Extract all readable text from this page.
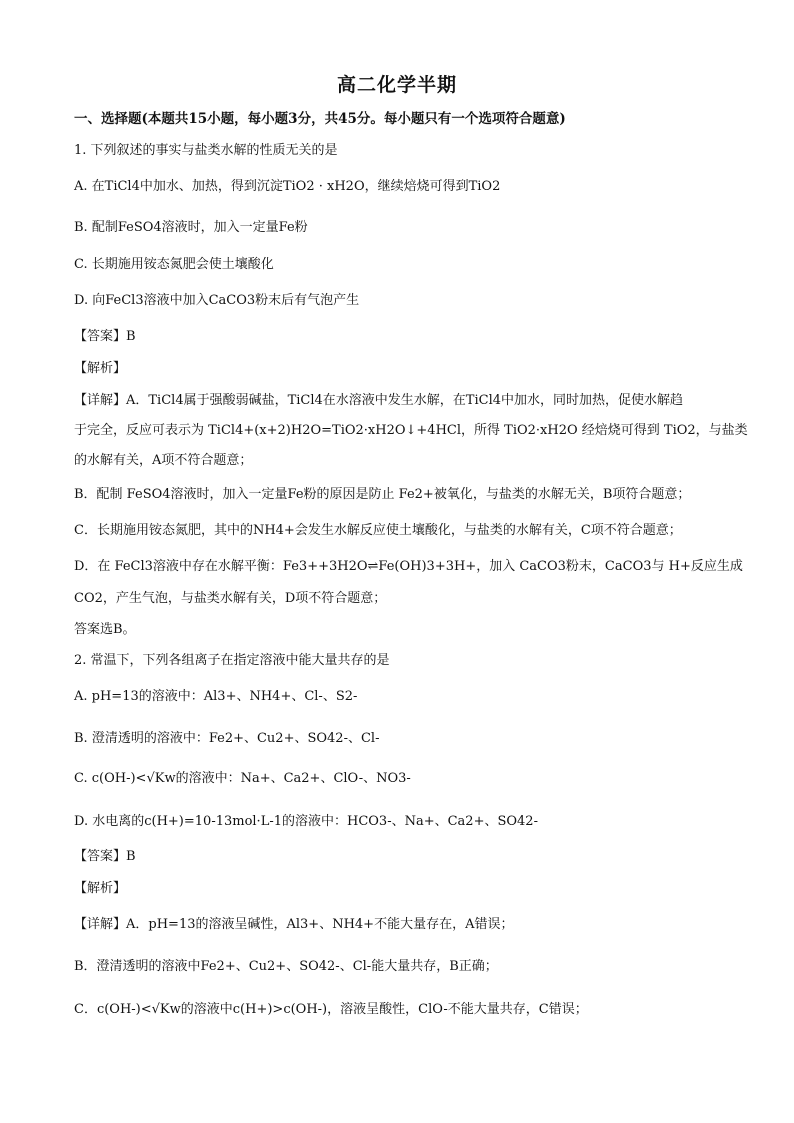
高二化学半期
一、选择题(本题共15小题，每小题3分，共45分。每小题只有一个选项符合题意)
1. 下列叙述的事实与盐类水解的性质无关的是
A. 在TiCl4中加水、加热，得到沉淀TiO2 · xH2O，继续焙烧可得到TiO2
B. 配制FeSO4溶液时，加入一定量Fe粉
C. 长期施用铵态氮肥会使土壤酸化
D. 向FeCl3溶液中加入CaCO3粉末后有气泡产生
【答案】B
【解析】
【详解】A．TiCl4属于强酸弱碱盐，TiCl4在水溶液中发生水解，在TiCl4中加水，同时加热，促使水解趋
于完全，反应可表示为 TiCl4+(x+2)H2O=TiO2·xH2O↓+4HCl，所得 TiO2·xH2O 经焙烧可得到 TiO2，与盐类
的水解有关，A项不符合题意；
B．配制 FeSO4溶液时，加入一定量Fe粉的原因是防止 Fe2+被氧化，与盐类的水解无关，B项符合题意；
C．长期施用铵态氮肥，其中的NH4+会发生水解反应使土壤酸化，与盐类的水解有关，C项不符合题意；
D．在 FeCl3溶液中存在水解平衡：Fe3++3H2O⇌Fe(OH)3+3H+，加入 CaCO3粉末，CaCO3与 H+反应生成
CO2，产生气泡，与盐类水解有关，D项不符合题意；
答案选B。
2. 常温下，下列各组离子在指定溶液中能大量共存的是
A. pH=13的溶液中：Al3+、NH4+、Cl-、S2-
B. 澄清透明的溶液中：Fe2+、Cu2+、SO42-、Cl-
C. c(OH-)<√Kw的溶液中：Na+、Ca2+、ClO-、NO3-
D. 水电离的c(H+)=10-13mol·L-1的溶液中：HCO3-、Na+、Ca2+、SO42-
【答案】B
【解析】
【详解】A．pH=13的溶液呈碱性，Al3+、NH4+不能大量存在，A错误；
B．澄清透明的溶液中Fe2+、Cu2+、SO42-、Cl-能大量共存，B正确；
C．c(OH-)<√Kw的溶液中c(H+)>c(OH-)，溶液呈酸性，ClO-不能大量共存，C错误；
